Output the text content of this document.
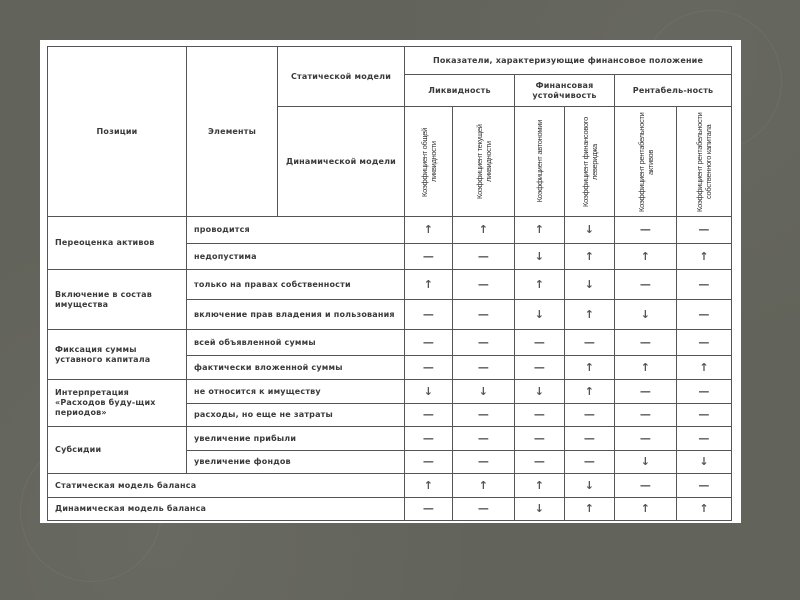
Позиции	Элементы	Статической модели	Показатели, характеризующие финансовое положение					
			Ликвидность		Финансовая устойчивость		Рентабель-ность	
		Динамической модели	Коэффициент общей ликвидности	Коэффициент текущей ликвидности	Коэффициент автономии	Коэффициент финансового левериджа	Коэффициент рентабельности активов	Коэффициент рентабельности собственного капитала

Переоценка активов	проводится		↑	↑	↑	↓	—	—
	недопустима		—	—	↓	↑	↑	↑
Включение в состав имущества	только на правах собственности		↑	—	↑	↓	—	—
	включение прав владения и пользования		—	—	↓	↑	↓	—
Фиксация суммы уставного капитала	всей объявленной суммы		—	—	—	—	—	—
	фактически вложенной суммы		—	—	—	↑	↑	↑
Интерпретация «Расходов буду-щих периодов»	не относится к имуществу		↓	↓	↓	↑	—	—
	расходы, но еще не затраты		—	—	—	—	—	—
Субсидии	увеличение прибыли		—	—	—	—	—	—
	увеличение фондов		—	—	—	—	↓	↓
Статическая модель баланса			↑	↑	↑	↓	—	—
Динамическая модель баланса			—	—	↓	↑	↑	↑
